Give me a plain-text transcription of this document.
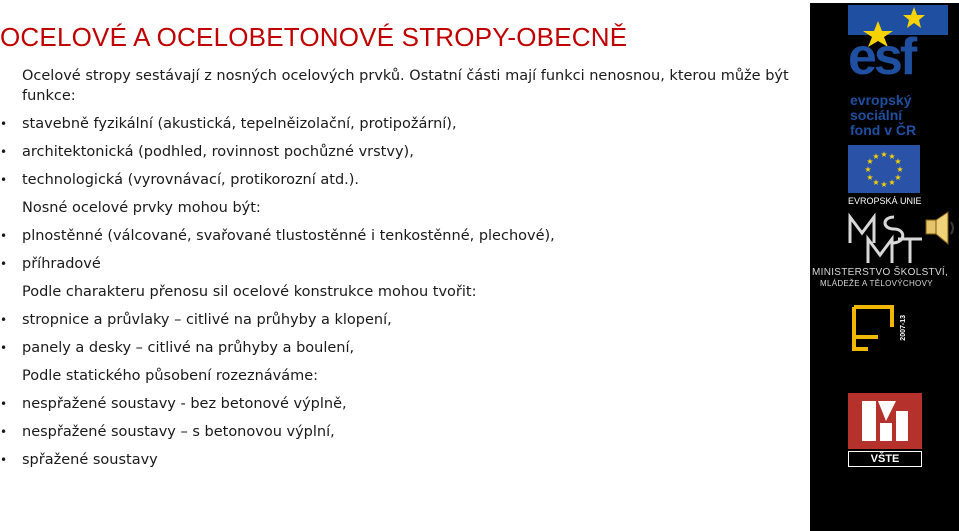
OCELOVÉ A OCELOBETONOVÉ STROPY-OBECNĚ
Ocelové stropy sestávají z nosných ocelových prvků. Ostatní části mají funkci nenosnou, kterou může být
funkce:
• stavebně fyzikální (akustická, tepelněizolační, protipožární),
• architektonická (podhled, rovinnost pochůzné vrstvy),
• technologická (vyrovnávací, protikorozní atd.).
Nosné ocelové prvky mohou být:
• plnostěnné (válcované, svařované tlustostěnné i tenkostěnné, plechové),
• příhradové
Podle charakteru přenosu sil ocelové konstrukce mohou tvořit:
• stropnice a průvlaky – citlivé na průhyby a klopení,
• panely a desky – citlivé na průhyby a boulení,
Podle statického působení rozeznáváme:
• nespřažené soustavy - bez betonové výplně,
• nespřažené soustavy – s betonovou výplní,
• spřažené soustavy
esf
evropský
sociální
fond v ČR
★ ★
★
★
★
★
★
★
★
★
★
★
EVROPSKÁ UNIE
MINISTERSTVO ŠKOLSTVÍ,
MLÁDEŽE A TĚLOVÝCHOVY
2007-13
VŠTE
